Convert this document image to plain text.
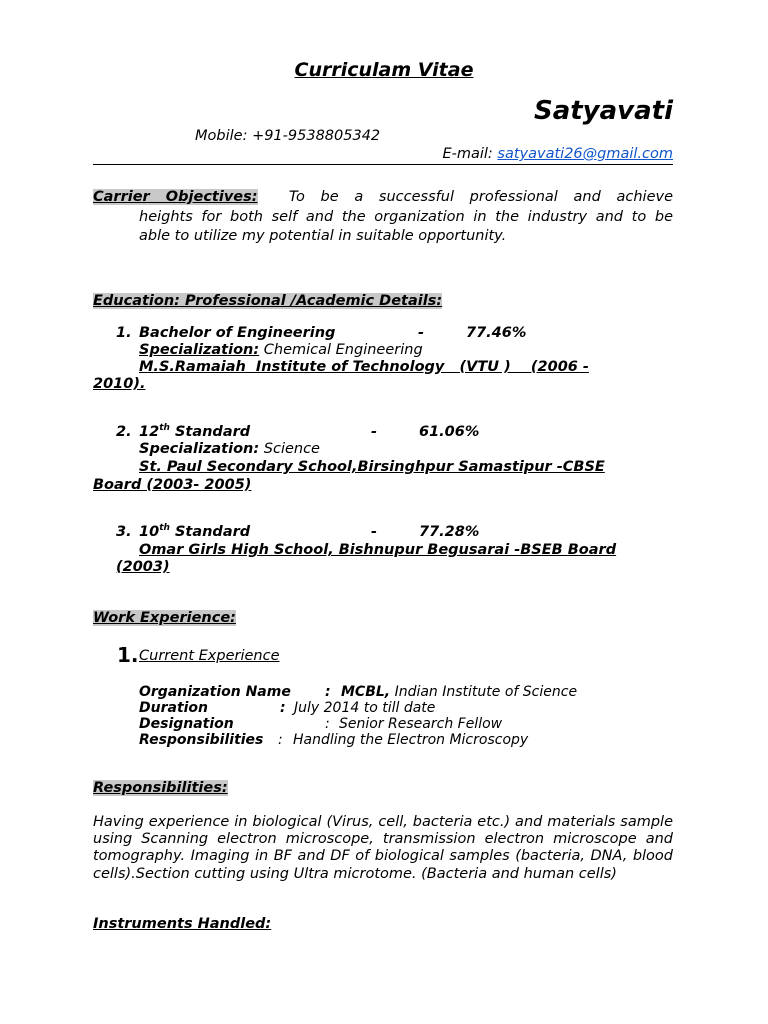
Curriculam Vitae
Satyavati
Mobile: +91-9538805342
E-mail: satyavati26@gmail.com
Carrier Objectives: To be a successful professional and achieve
heights for both self and the organization in the industry and to be
able to utilize my potential in suitable opportunity.
Education: Professional /Academic Details:
1. Bachelor of Engineering	-	77.46%
Specialization: Chemical Engineering
M.S.Ramaiah  Institute of Technology   (VTU )    (2006 -
2010).
2. 12th Standard	-	61.06%
Specialization: Science
St. Paul Secondary School,Birsinghpur Samastipur -CBSE
Board (2003- 2005)
3. 10th Standard	-	77.28%
Omar Girls High School, Bishnupur Begusarai -BSEB Board
(2003)
Work Experience:
1. Current Experience
Organization Name : MCBL, Indian Institute of Science
Duration	: July 2014 to till date
Designation	: Senior Research Fellow
Responsibilities : Handling the Electron Microscopy
Responsibilities:
Having experience in biological (Virus, cell, bacteria etc.) and materials sample using Scanning electron microscope, transmission electron microscope and tomography. Imaging in BF and DF of biological samples (bacteria, DNA, blood cells).Section cutting using Ultra microtome. (Bacteria and human cells)
Instruments Handled:
